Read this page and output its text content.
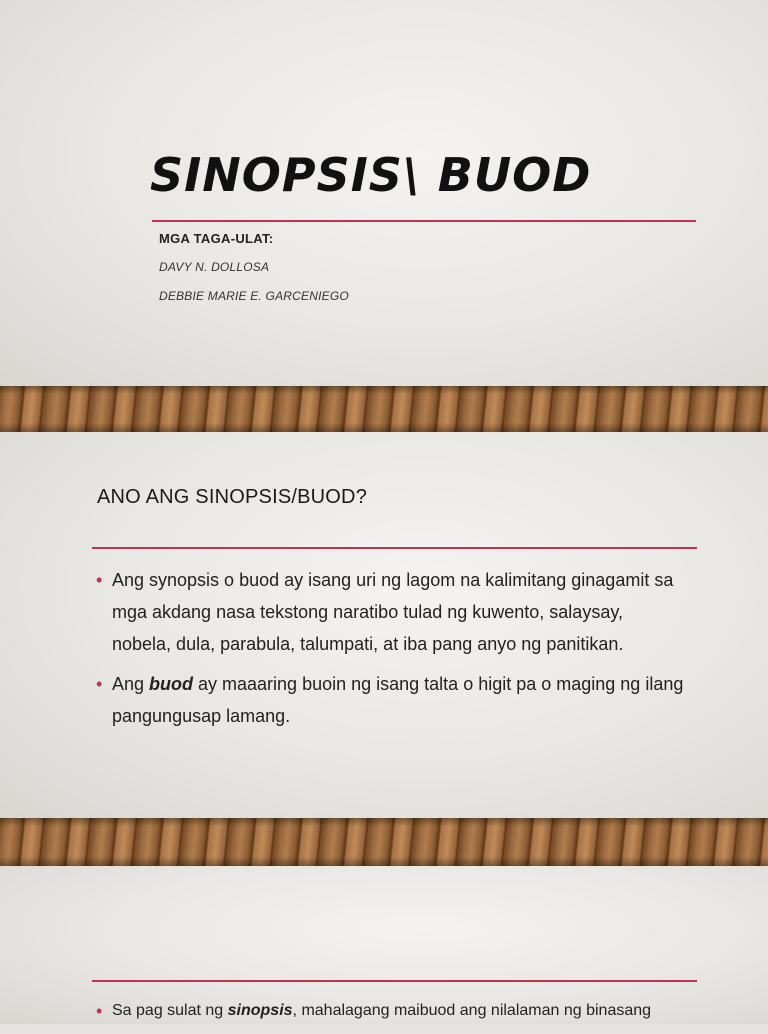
SINOPSIS\ BUOD
MGA TAGA-ULAT:
DAVY N. DOLLOSA
DEBBIE MARIE E. GARCENIEGO
ANO ANG SINOPSIS/BUOD?
• Ang synopsis o buod ay isang uri ng lagom na kalimitang ginagamit sa mga akdang nasa tekstong naratibo tulad ng kuwento, salaysay, nobela, dula, parabula, talumpati, at iba pang anyo ng panitikan.
• Ang buod ay maaaring buoin ng isang talta o higit pa o maging ng ilang pangungusap lamang.
• Sa pag sulat ng sinopsis, mahalagang maibuod ang nilalaman ng binasang
